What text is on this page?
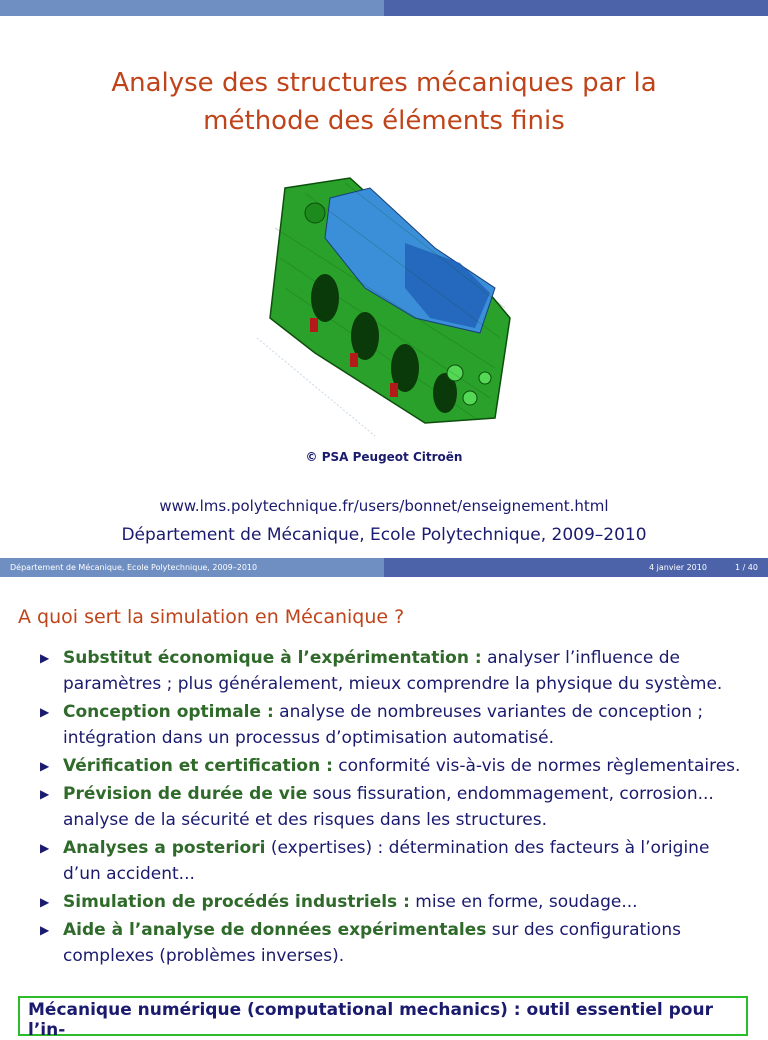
Analyse des structures mécaniques par la
méthode des éléments finis
© PSA Peugeot Citroën
www.lms.polytechnique.fr/users/bonnet/enseignement.html
Département de Mécanique, Ecole Polytechnique, 2009–2010
Département de Mécanique, Ecole Polytechnique, 2009–2010	4 janvier 2010	1 / 40
A quoi sert la simulation en Mécanique ?
▶ Substitut économique à l’expérimentation : analyser l’influence de paramètres ; plus généralement, mieux comprendre la physique du système.
▶ Conception optimale : analyse de nombreuses variantes de conception ; intégration dans un processus d’optimisation automatisé.
▶ Vérification et certification : conformité vis-à-vis de normes règlementaires.
▶ Prévision de durée de vie sous fissuration, endommagement, corrosion... analyse de la sécurité et des risques dans les structures.
▶ Analyses a posteriori (expertises) : détermination des facteurs à l’origine d’un accident...
▶ Simulation de procédés industriels : mise en forme, soudage...
▶ Aide à l’analyse de données expérimentales sur des configurations complexes (problèmes inverses).
Mécanique numérique (computational mechanics) : outil essentiel pour l’in-
